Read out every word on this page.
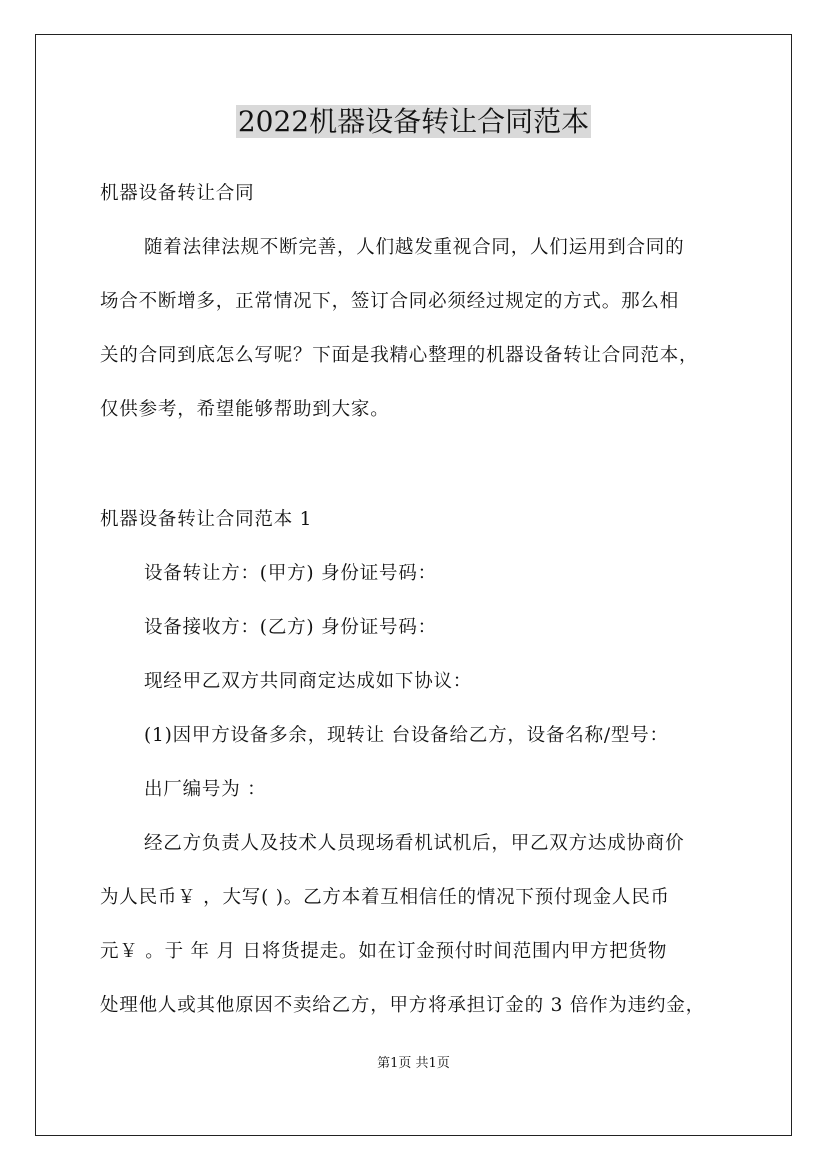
2022机器设备转让合同范本
机器设备转让合同
随着法律法规不断完善，人们越发重视合同，人们运用到合同的
场合不断增多，正常情况下，签订合同必须经过规定的方式。那么相
关的合同到底怎么写呢？下面是我精心整理的机器设备转让合同范本，
仅供参考，希望能够帮助到大家。
机器设备转让合同范本 1
设备转让方：(甲方) 身份证号码：
设备接收方：(乙方) 身份证号码：
现经甲乙双方共同商定达成如下协议：
(1)因甲方设备多余，现转让 台设备给乙方，设备名称/型号：
出厂编号为 ：
经乙方负责人及技术人员现场看机试机后，甲乙双方达成协商价
为人民币￥ ，大写( )。乙方本着互相信任的情况下预付现金人民币
元￥ 。于 年 月 日将货提走。如在订金预付时间范围内甲方把货物
处理他人或其他原因不卖给乙方，甲方将承担订金的 3 倍作为违约金，
第1页 共1页
